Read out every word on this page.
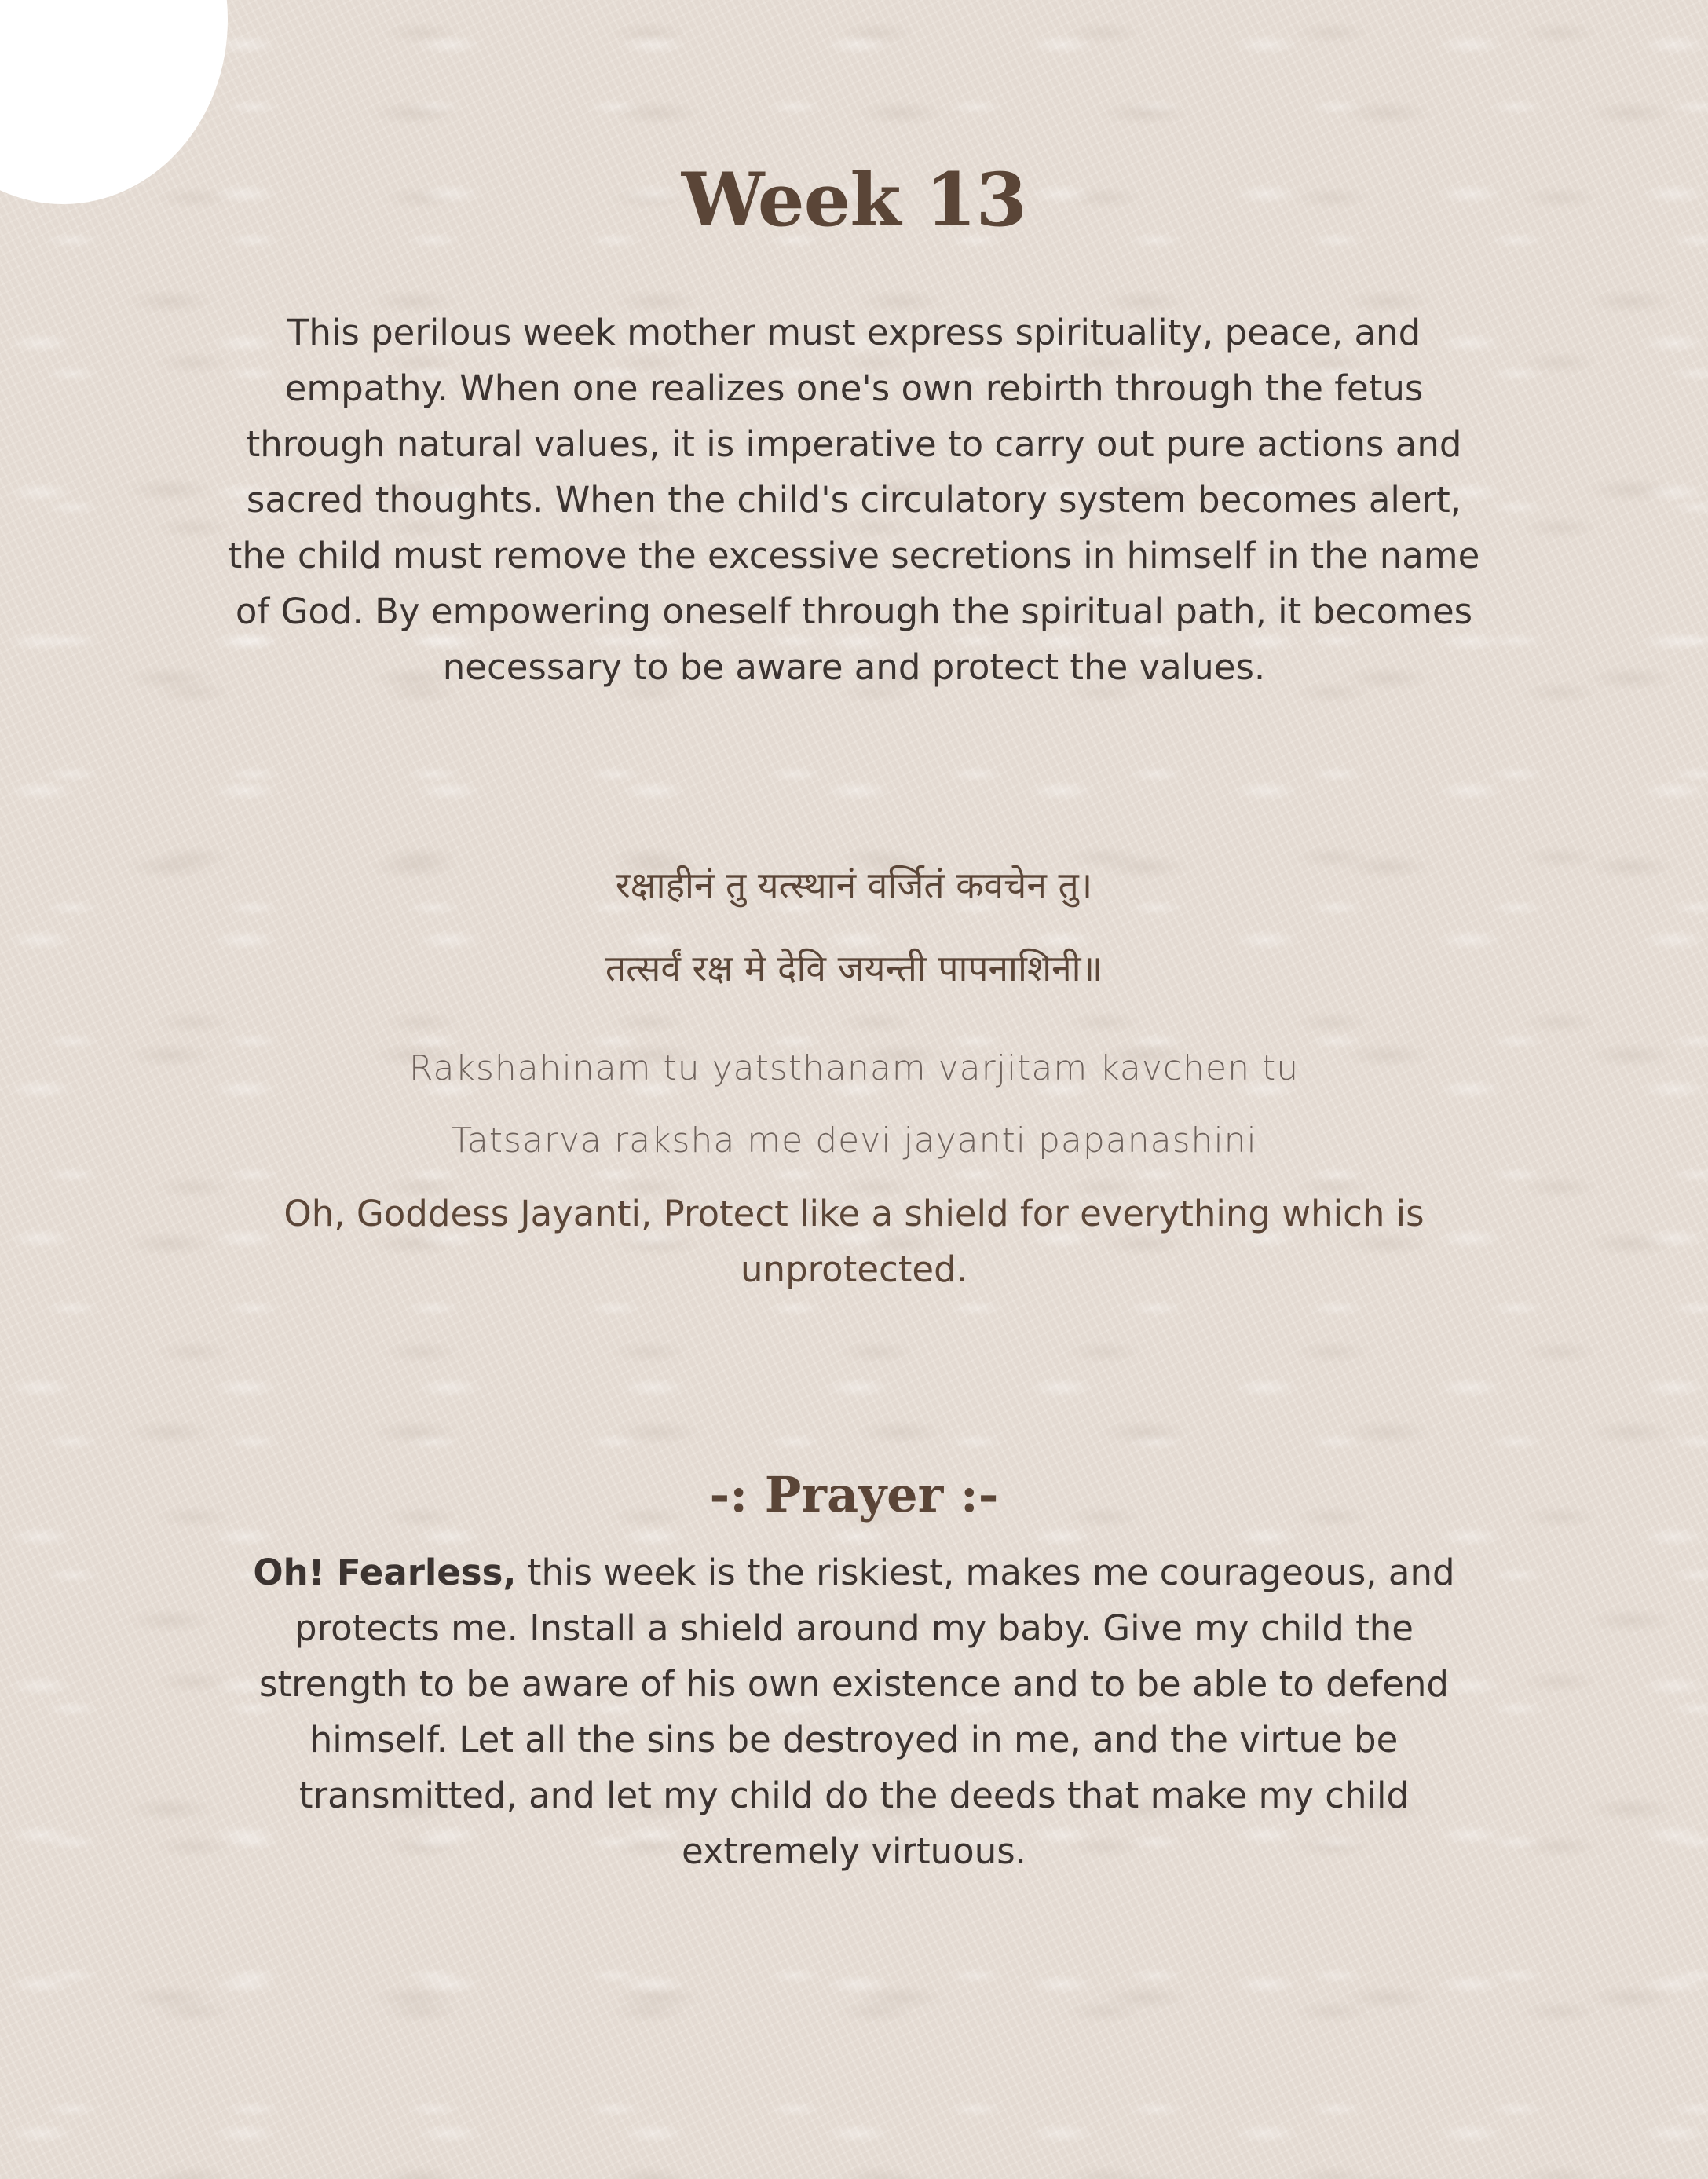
Week 13
This perilous week mother must express spirituality, peace, and empathy. When one realizes one's own rebirth through the fetus through natural values, it is imperative to carry out pure actions and sacred thoughts. When the child's circulatory system becomes alert, the child must remove the excessive secretions in himself in the name of God. By empowering oneself through the spiritual path, it becomes necessary to be aware and protect the values.
रक्षाहीनं तु यत्स्थानं वर्जितं कवचेन तु।
तत्सर्वं रक्ष मे देवि जयन्ती पापनाशिनी॥
Rakshahinam tu yatsthanam varjitam kavchen tu
Tatsarva raksha me devi jayanti papanashini
Oh, Goddess Jayanti, Protect like a shield for everything which is unprotected.
-: Prayer :-
Oh! Fearless, this week is the riskiest, makes me courageous, and protects me. Install a shield around my baby. Give my child the strength to be aware of his own existence and to be able to defend himself. Let all the sins be destroyed in me, and the virtue be transmitted, and let my child do the deeds that make my child extremely virtuous.
